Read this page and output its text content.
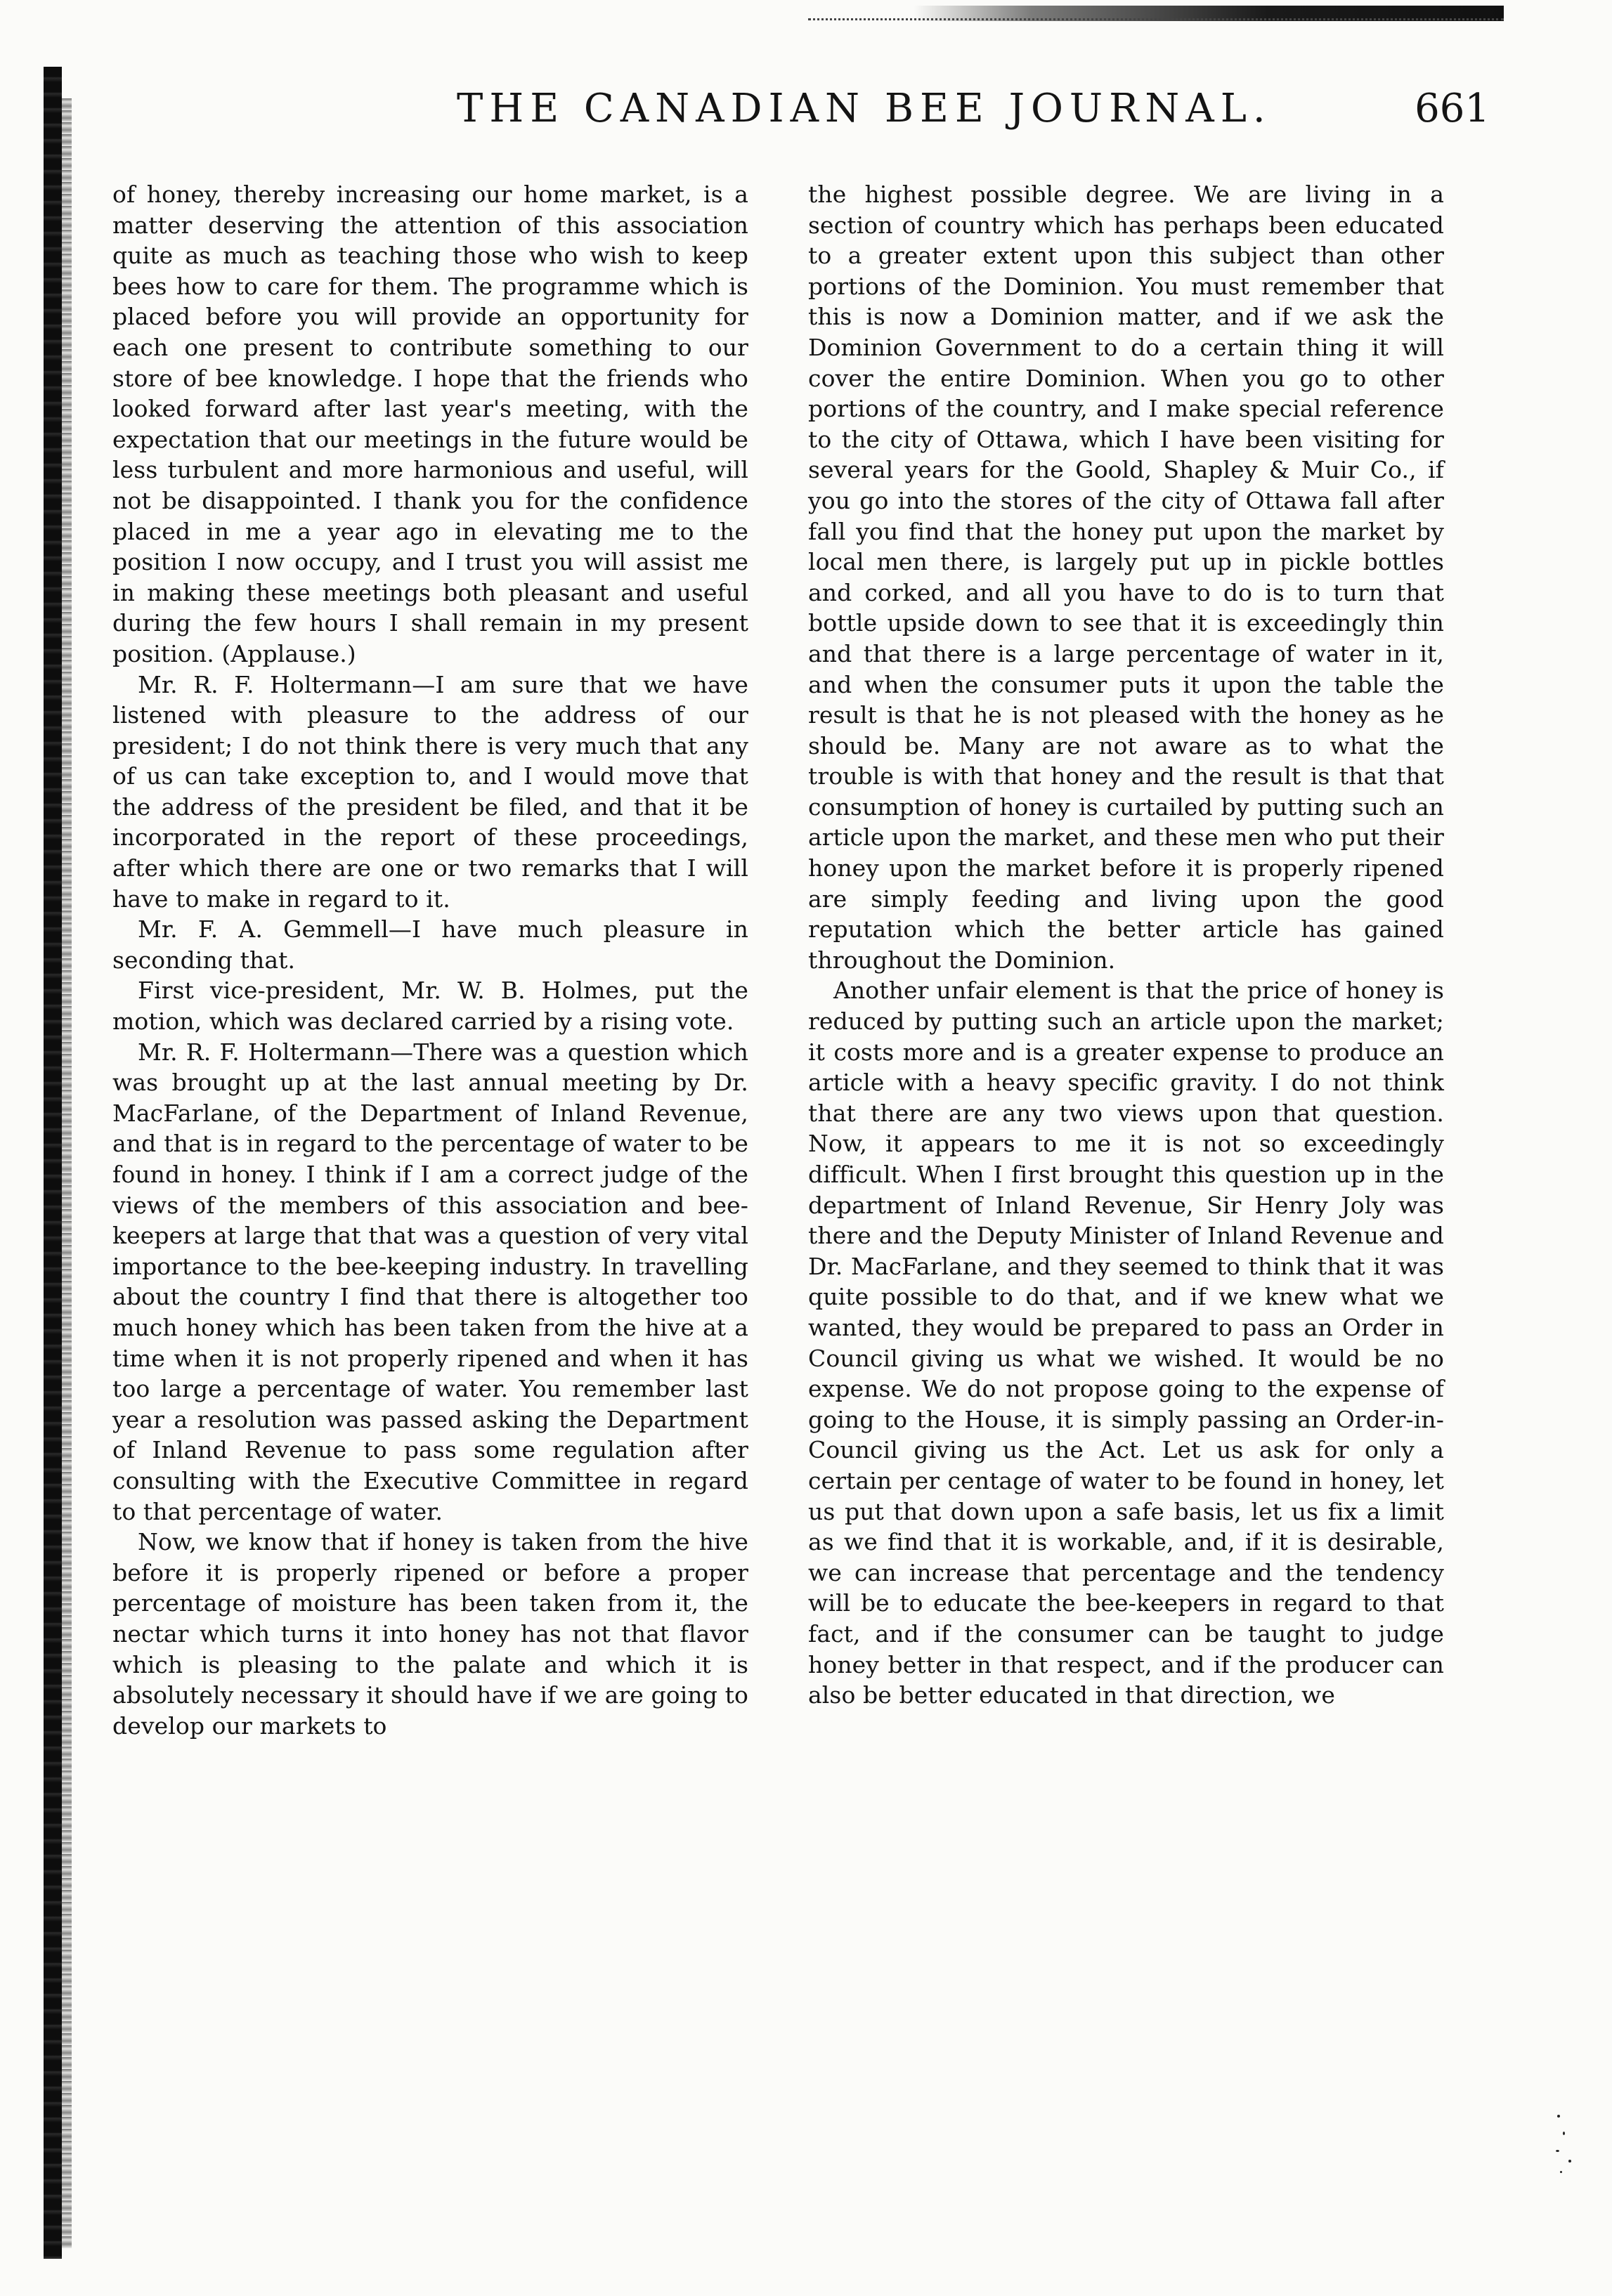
THE CANADIAN BEE JOURNAL.	661

of honey, thereby increasing our home market, is a matter deserving the attention of this association quite as much as teaching those who wish to keep bees how to care for them. The programme which is placed before you will provide an opportunity for each one present to contribute something to our store of bee knowledge. I hope that the friends who looked forward after last year's meeting, with the expectation that our meetings in the future would be less turbulent and more harmonious and useful, will not be disappointed. I thank you for the confidence placed in me a year ago in elevating me to the position I now occupy, and I trust you will assist me in making these meetings both pleasant and useful during the few hours I shall remain in my present position. (Applause.)

Mr. R. F. Holtermann—I am sure that we have listened with pleasure to the address of our president; I do not think there is very much that any of us can take exception to, and I would move that the address of the president be filed, and that it be incorporated in the report of these proceedings, after which there are one or two remarks that I will have to make in regard to it.

Mr. F. A. Gemmell—I have much pleasure in seconding that.

First vice-president, Mr. W. B. Holmes, put the motion, which was declared carried by a rising vote.

Mr. R. F. Holtermann—There was a question which was brought up at the last annual meeting by Dr. MacFarlane, of the Department of Inland Revenue, and that is in regard to the percentage of water to be found in honey. I think if I am a correct judge of the views of the members of this association and bee-keepers at large that that was a question of very vital importance to the bee-keeping industry. In travelling about the country I find that there is altogether too much honey which has been taken from the hive at a time when it is not properly ripened and when it has too large a percentage of water. You remember last year a resolution was passed asking the Department of Inland Revenue to pass some regulation after consulting with the Executive Committee in regard to that percentage of water.

Now, we know that if honey is taken from the hive before it is properly ripened or before a proper percentage of moisture has been taken from it, the nectar which turns it into honey has not that flavor which is pleasing to the palate and which it is absolutely necessary it should have if we are going to develop our markets to

the highest possible degree. We are living in a section of country which has perhaps been educated to a greater extent upon this subject than other portions of the Dominion. You must remember that this is now a Dominion matter, and if we ask the Dominion Government to do a certain thing it will cover the entire Dominion. When you go to other portions of the country, and I make special reference to the city of Ottawa, which I have been visiting for several years for the Goold, Shapley & Muir Co., if you go into the stores of the city of Ottawa fall after fall you find that the honey put upon the market by local men there, is largely put up in pickle bottles and corked, and all you have to do is to turn that bottle upside down to see that it is exceedingly thin and that there is a large percentage of water in it, and when the consumer puts it upon the table the result is that he is not pleased with the honey as he should be. Many are not aware as to what the trouble is with that honey and the result is that that consumption of honey is curtailed by putting such an article upon the market, and these men who put their honey upon the market before it is properly ripened are simply feeding and living upon the good reputation which the better article has gained throughout the Dominion.

Another unfair element is that the price of honey is reduced by putting such an article upon the market; it costs more and is a greater expense to produce an article with a heavy specific gravity. I do not think that there are any two views upon that question. Now, it appears to me it is not so exceedingly difficult. When I first brought this question up in the department of Inland Revenue, Sir Henry Joly was there and the Deputy Minister of Inland Revenue and Dr. MacFarlane, and they seemed to think that it was quite possible to do that, and if we knew what we wanted, they would be prepared to pass an Order in Council giving us what we wished. It would be no expense. We do not propose going to the expense of going to the House, it is simply passing an Order-in-Council giving us the Act. Let us ask for only a certain per centage of water to be found in honey, let us put that down upon a safe basis, let us fix a limit as we find that it is workable, and, if it is desirable, we can increase that percentage and the tendency will be to educate the bee-keepers in regard to that fact, and if the consumer can be taught to judge honey better in that respect, and if the producer can also be better educated in that direction, we
